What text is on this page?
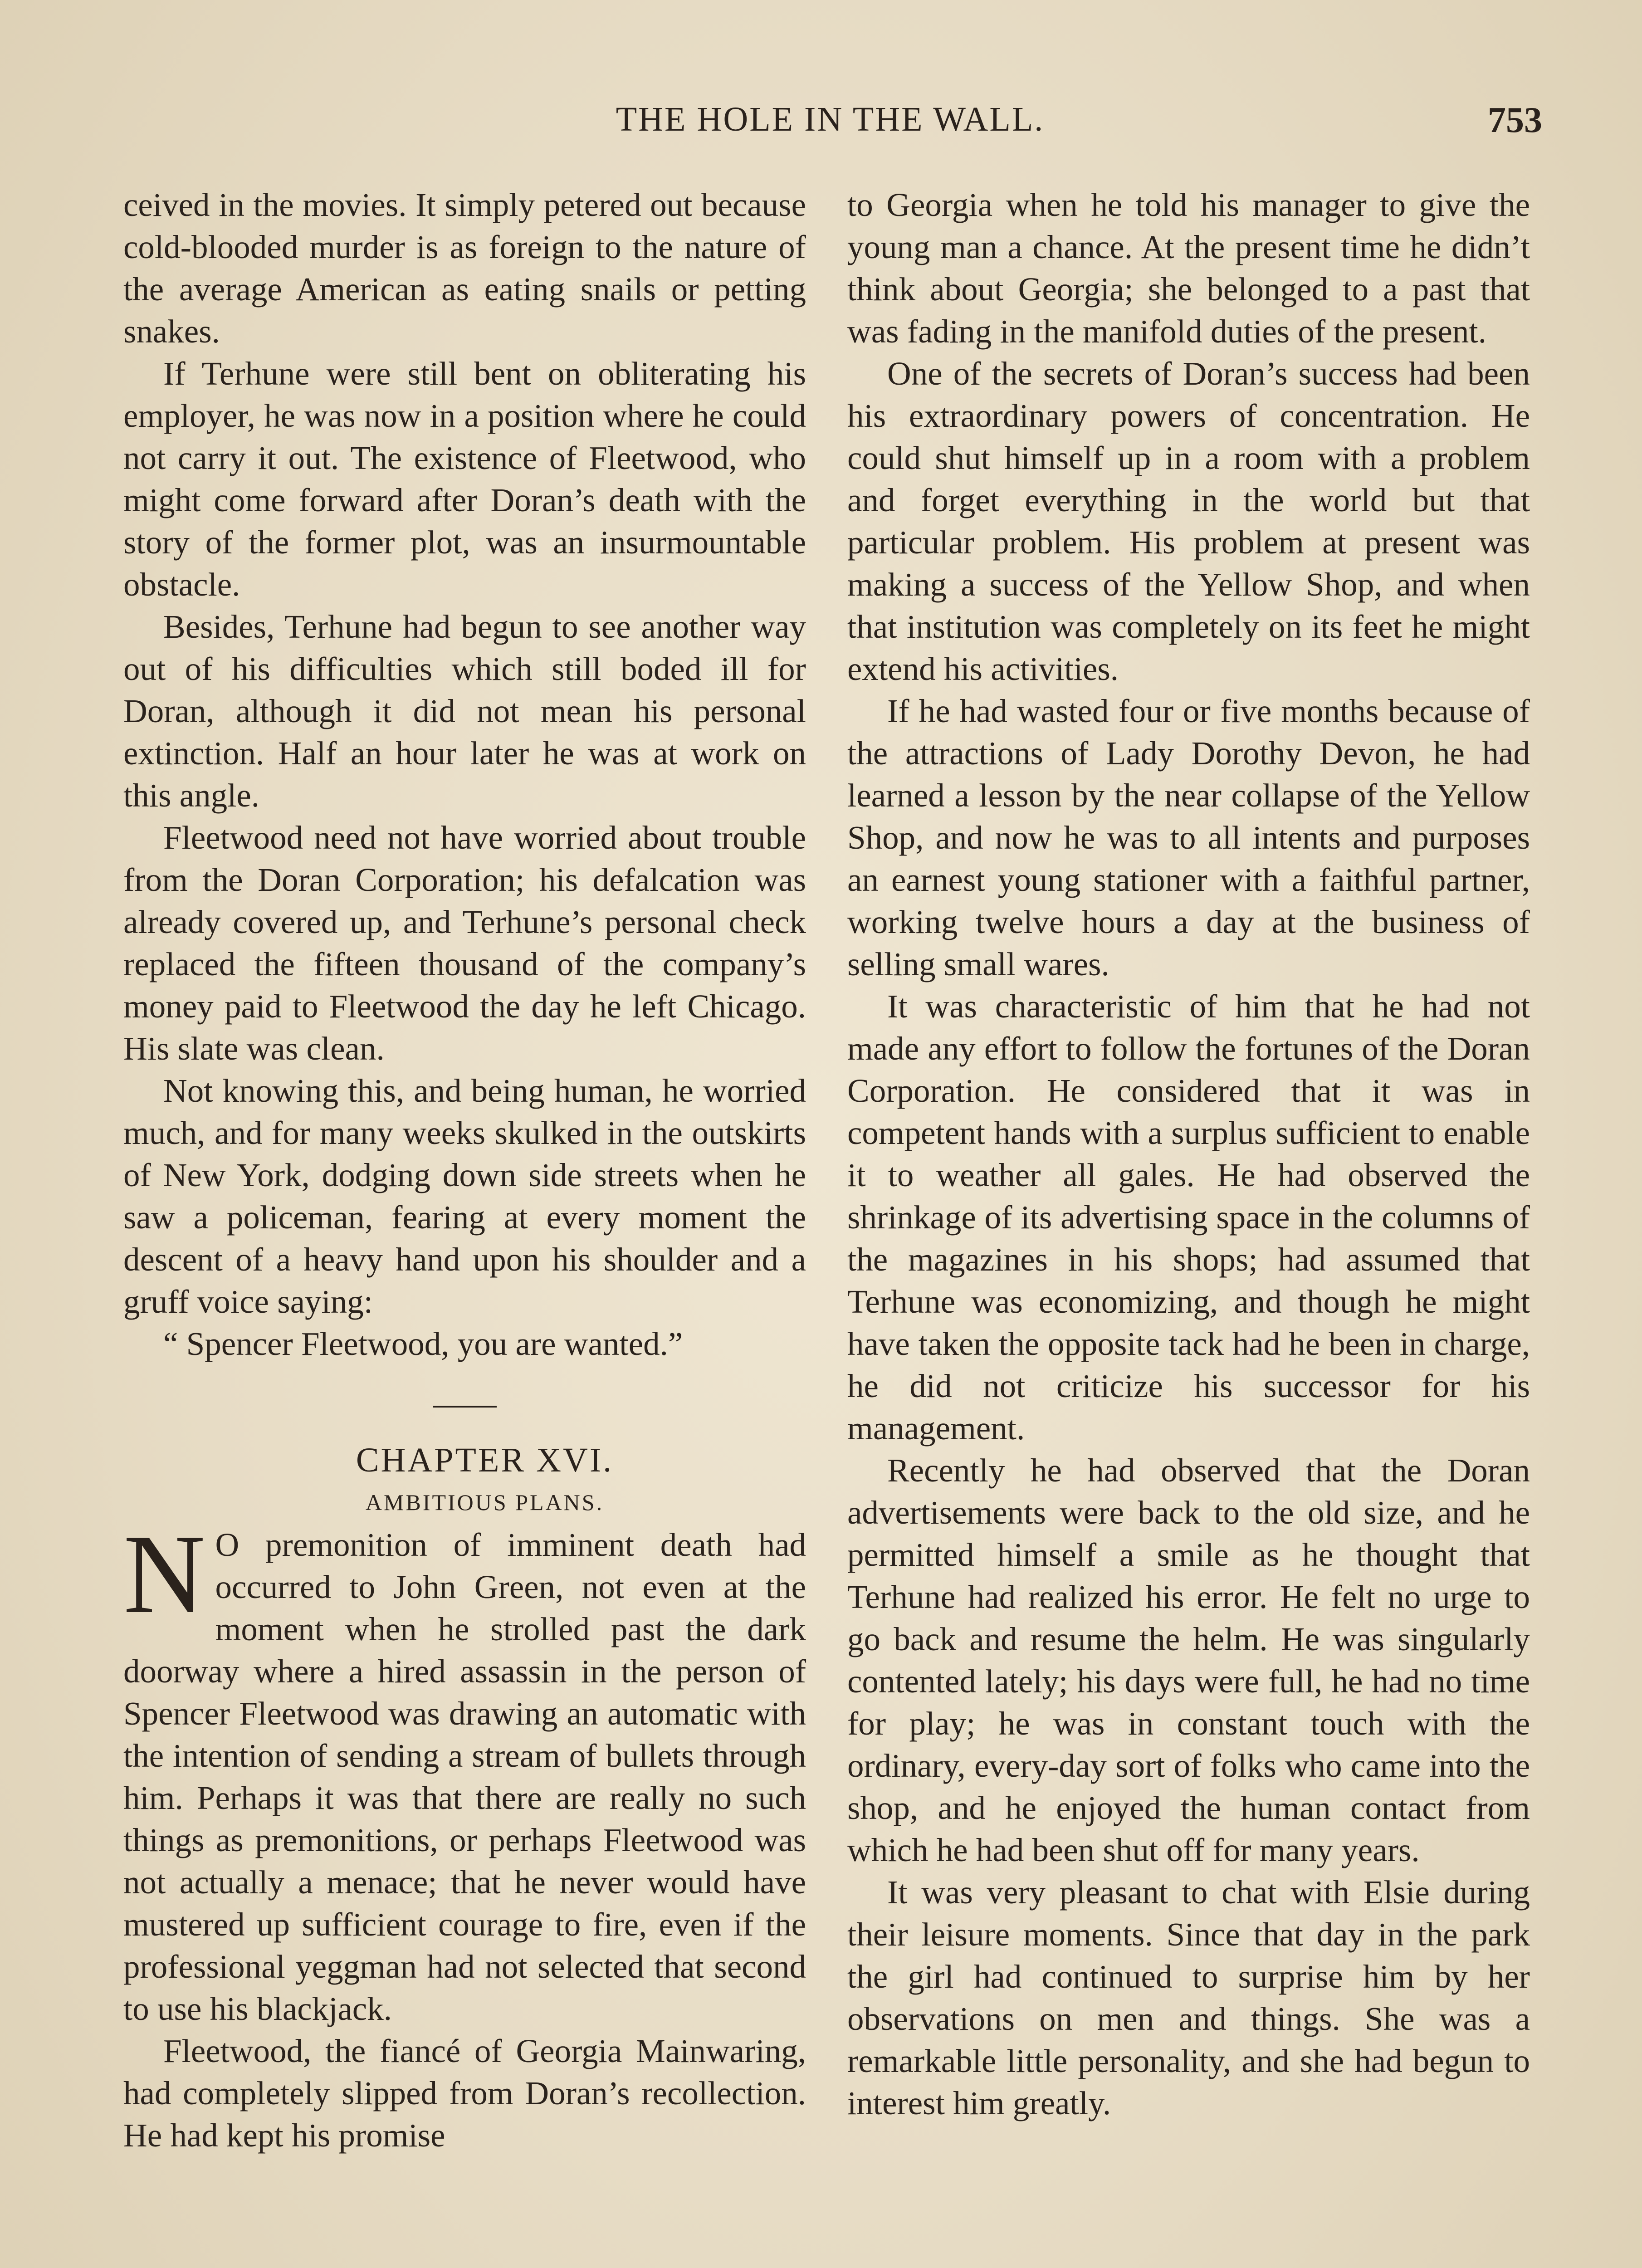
THE HOLE IN THE WALL.	753

ceived in the movies. It simply petered out because cold-blooded murder is as foreign to the nature of the average American as eating snails or petting snakes.

If Terhune were still bent on obliterating his employer, he was now in a position where he could not carry it out. The existence of Fleetwood, who might come forward after Doran’s death with the story of the former plot, was an insurmountable obstacle.

Besides, Terhune had begun to see another way out of his difficulties which still boded ill for Doran, although it did not mean his personal extinction. Half an hour later he was at work on this angle.

Fleetwood need not have worried about trouble from the Doran Corporation; his defalcation was already covered up, and Terhune’s personal check replaced the fifteen thousand of the company’s money paid to Fleetwood the day he left Chicago. His slate was clean.

Not knowing this, and being human, he worried much, and for many weeks skulked in the outskirts of New York, dodging down side streets when he saw a policeman, fearing at every moment the descent of a heavy hand upon his shoulder and a gruff voice saying:

“ Spencer Fleetwood, you are wanted.”

CHAPTER XVI.

AMBITIOUS PLANS.

N O premonition of imminent death had occurred to John Green, not even at the moment when he strolled past the dark doorway where a hired assassin in the person of Spencer Fleetwood was drawing an automatic with the intention of sending a stream of bullets through him. Perhaps it was that there are really no such things as premonitions, or perhaps Fleetwood was not actually a menace; that he never would have mustered up sufficient courage to fire, even if the professional yeggman had not selected that second to use his blackjack.

Fleetwood, the fiancé of Georgia Mainwaring, had completely slipped from Doran’s recollection. He had kept his promise

to Georgia when he told his manager to give the young man a chance. At the present time he didn’t think about Georgia; she belonged to a past that was fading in the manifold duties of the present.

One of the secrets of Doran’s success had been his extraordinary powers of concentration. He could shut himself up in a room with a problem and forget everything in the world but that particular problem. His problem at present was making a success of the Yellow Shop, and when that institution was completely on its feet he might extend his activities.

If he had wasted four or five months because of the attractions of Lady Dorothy Devon, he had learned a lesson by the near collapse of the Yellow Shop, and now he was to all intents and purposes an earnest young stationer with a faithful partner, working twelve hours a day at the business of selling small wares.

It was characteristic of him that he had not made any effort to follow the fortunes of the Doran Corporation. He considered that it was in competent hands with a surplus sufficient to enable it to weather all gales. He had observed the shrinkage of its advertising space in the columns of the magazines in his shops; had assumed that Terhune was economizing, and though he might have taken the opposite tack had he been in charge, he did not criticize his successor for his management.

Recently he had observed that the Doran advertisements were back to the old size, and he permitted himself a smile as he thought that Terhune had realized his error. He felt no urge to go back and resume the helm. He was singularly contented lately; his days were full, he had no time for play; he was in constant touch with the ordinary, every-day sort of folks who came into the shop, and he enjoyed the human contact from which he had been shut off for many years.

It was very pleasant to chat with Elsie during their leisure moments. Since that day in the park the girl had continued to surprise him by her observations on men and things. She was a remarkable little personality, and she had begun to interest him greatly.
